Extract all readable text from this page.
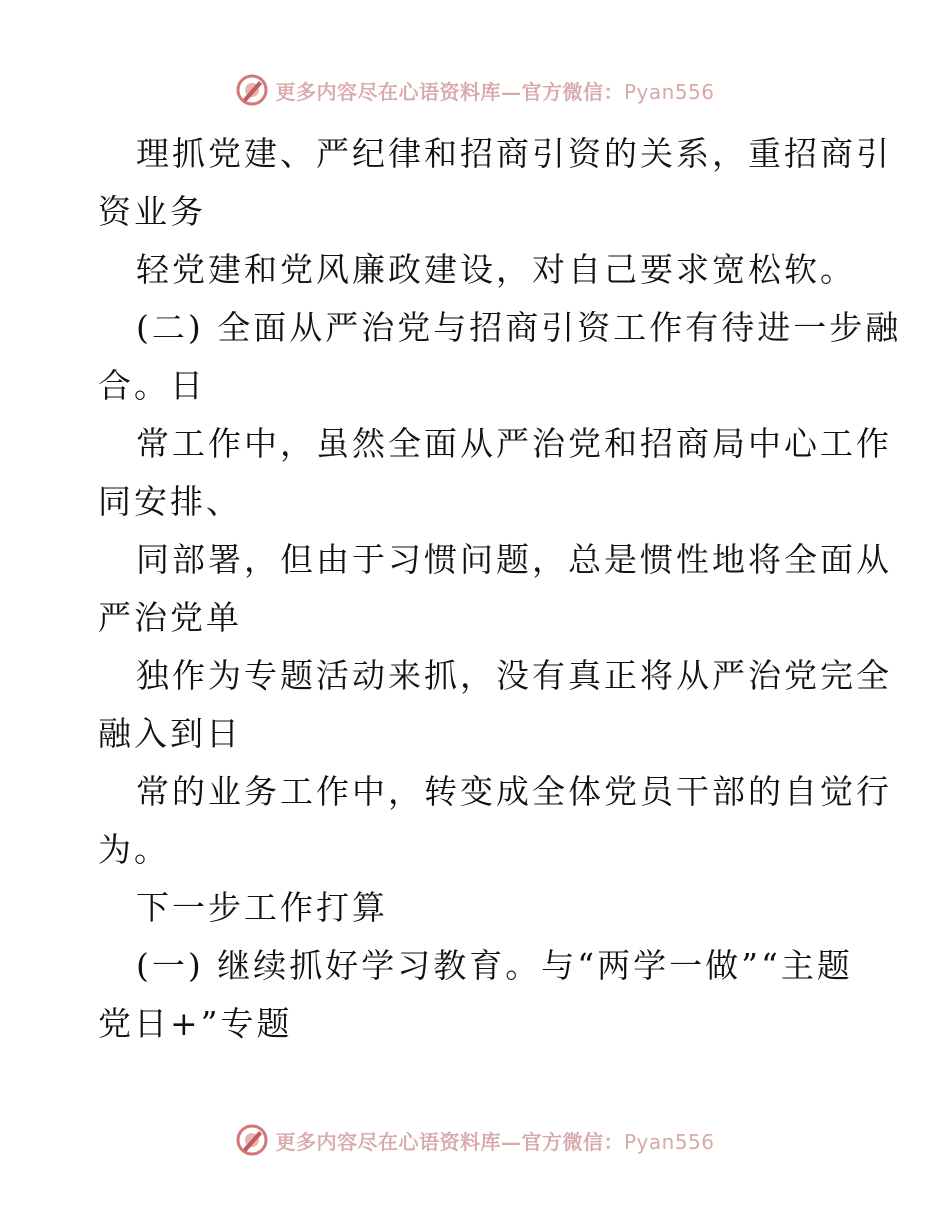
更多内容尽在心语资料库—官方微信：Pyan556
理抓党建、严纪律和招商引资的关系，重招商引
资业务
轻党建和党风廉政建设，对自己要求宽松软。
(二) 全面从严治党与招商引资工作有待进一步融
合。日
常工作中，虽然全面从严治党和招商局中心工作
同安排、
同部署，但由于习惯问题，总是惯性地将全面从
严治党单
独作为专题活动来抓，没有真正将从严治党完全
融入到日
常的业务工作中，转变成全体党员干部的自觉行
为。
下一步工作打算
(一) 继续抓好学习教育。与“两学一做”“主题
党日+”专题
更多内容尽在心语资料库—官方微信：Pyan556
